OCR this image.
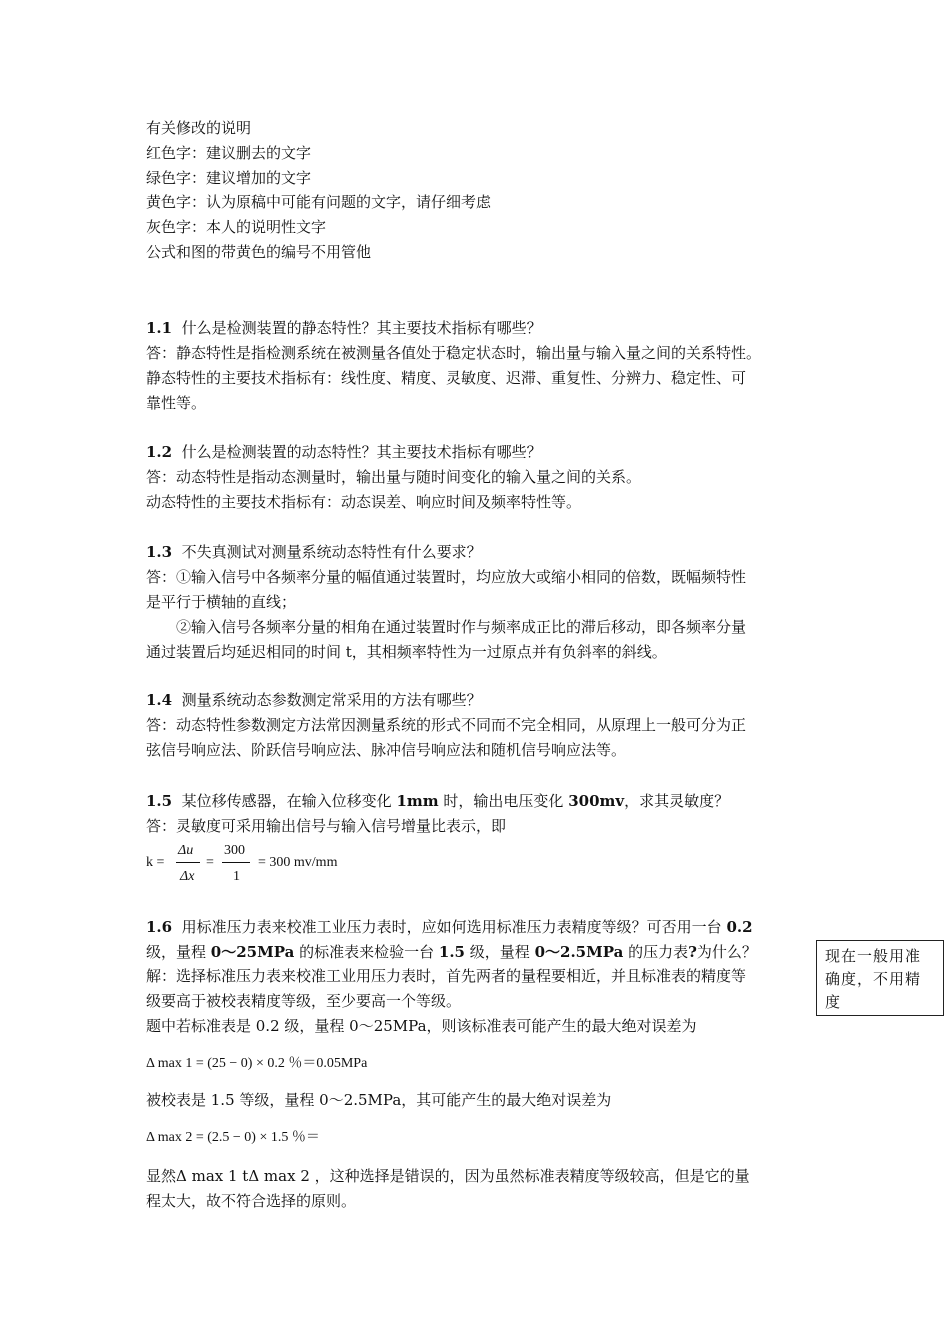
有关修改的说明
红色字：建议删去的文字
绿色字：建议增加的文字
黄色字：认为原稿中可能有问题的文字，请仔细考虑
灰色字：本人的说明性文字
公式和图的带黄色的编号不用管他
1.1 什么是检测装置的静态特性？其主要技术指标有哪些？
答：静态特性是指检测系统在被测量各值处于稳定状态时，输出量与输入量之间的关系特性。
静态特性的主要技术指标有：线性度、精度、灵敏度、迟滞、重复性、分辨力、稳定性、可
靠性等。
1.2 什么是检测装置的动态特性？其主要技术指标有哪些？
答：动态特性是指动态测量时，输出量与随时间变化的输入量之间的关系。
动态特性的主要技术指标有：动态误差、响应时间及频率特性等。
1.3 不失真测试对测量系统动态特性有什么要求？
答：①输入信号中各频率分量的幅值通过装置时，均应放大或缩小相同的倍数，既幅频特性
是平行于横轴的直线；
②输入信号各频率分量的相角在通过装置时作与频率成正比的滞后移动，即各频率分量
通过装置后均延迟相同的时间 t，其相频率特性为一过原点并有负斜率的斜线。
1.4 测量系统动态参数测定常采用的方法有哪些？
答：动态特性参数测定方法常因测量系统的形式不同而不完全相同，从原理上一般可分为正
弦信号响应法、阶跃信号响应法、脉冲信号响应法和随机信号响应法等。
1.5 某位移传感器，在输入位移变化 1mm 时，输出电压变化 300mv，求其灵敏度？
答：灵敏度可采用输出信号与输入信号增量比表示，即
k =
Δu
Δx
=
300
1
= 300 mv/mm
1.6 用标准压力表来校准工业压力表时，应如何选用标准压力表精度等级？可否用一台 0.2
级，量程 0～25MPa 的标准表来检验一台 1.5 级，量程 0～2.5MPa 的压力表?为什么？
解：选择标准压力表来校准工业用压力表时，首先两者的量程要相近，并且标准表的精度等
级要高于被校表精度等级，至少要高一个等级。
题中若标准表是 0.2 级，量程 0～25MPa，则该标准表可能产生的最大绝对误差为
Δ max 1 = (25 − 0) × 0.2 ％＝0.05MPa
被校表是 1.5 等级，量程 0～2.5MPa，其可能产生的最大绝对误差为
Δ max 2 = (2.5 − 0) × 1.5 ％＝
显然Δ max 1 tΔ max 2 ，这种选择是错误的，因为虽然标准表精度等级较高，但是它的量
程太大，故不符合选择的原则。
现在一般用准确度，不用精度
